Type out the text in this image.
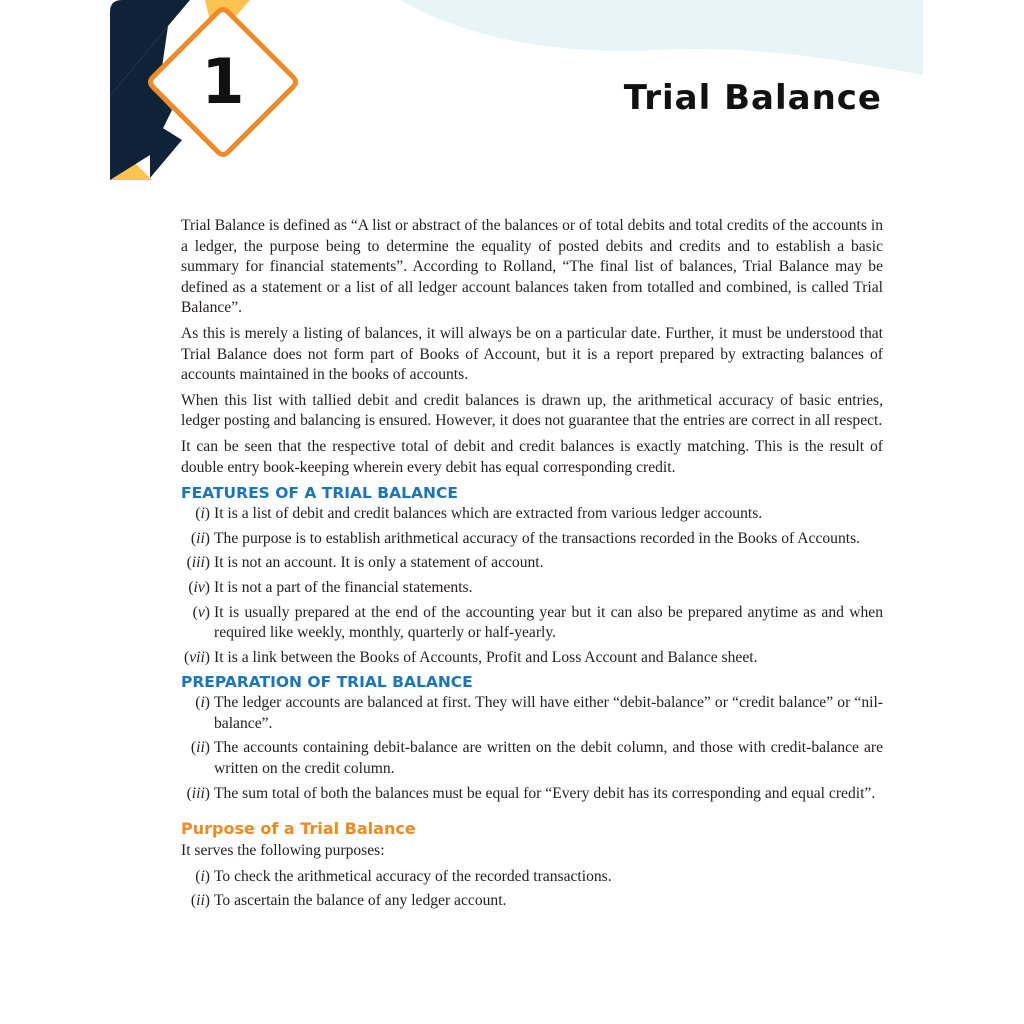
1	Trial Balance

Trial Balance is defined as “A list or abstract of the balances or of total debits and total credits of the accounts in a ledger, the purpose being to determine the equality of posted debits and credits and to establish a basic summary for financial statements”. According to Rolland, “The final list of balances, Trial Balance may be defined as a statement or a list of all ledger account balances taken from totalled and combined, is called Trial Balance”.

As this is merely a listing of balances, it will always be on a particular date. Further, it must be understood that Trial Balance does not form part of Books of Account, but it is a report prepared by extracting balances of accounts maintained in the books of accounts.

When this list with tallied debit and credit balances is drawn up, the arithmetical accuracy of basic entries, ledger posting and balancing is ensured. However, it does not guarantee that the entries are correct in all respect.

It can be seen that the respective total of debit and credit balances is exactly matching. This is the result of double entry book-keeping wherein every debit has equal corresponding credit.

FEATURES OF A TRIAL BALANCE
(i) It is a list of debit and credit balances which are extracted from various ledger accounts.
(ii) The purpose is to establish arithmetical accuracy of the transactions recorded in the Books of Accounts.
(iii) It is not an account. It is only a statement of account.
(iv) It is not a part of the financial statements.
(v) It is usually prepared at the end of the accounting year but it can also be prepared anytime as and when required like weekly, monthly, quarterly or half-yearly.
(vii) It is a link between the Books of Accounts, Profit and Loss Account and Balance sheet.
PREPARATION OF TRIAL BALANCE
(i) The ledger accounts are balanced at first. They will have either “debit-balance” or “credit balance” or “nil- balance”.
(ii) The accounts containing debit-balance are written on the debit column, and those with credit-balance are written on the credit column.
(iii) The sum total of both the balances must be equal for “Every debit has its corresponding and equal credit”.
Purpose of a Trial Balance

It serves the following purposes:

(i) To check the arithmetical accuracy of the recorded transactions.
(ii) To ascertain the balance of any ledger account.
